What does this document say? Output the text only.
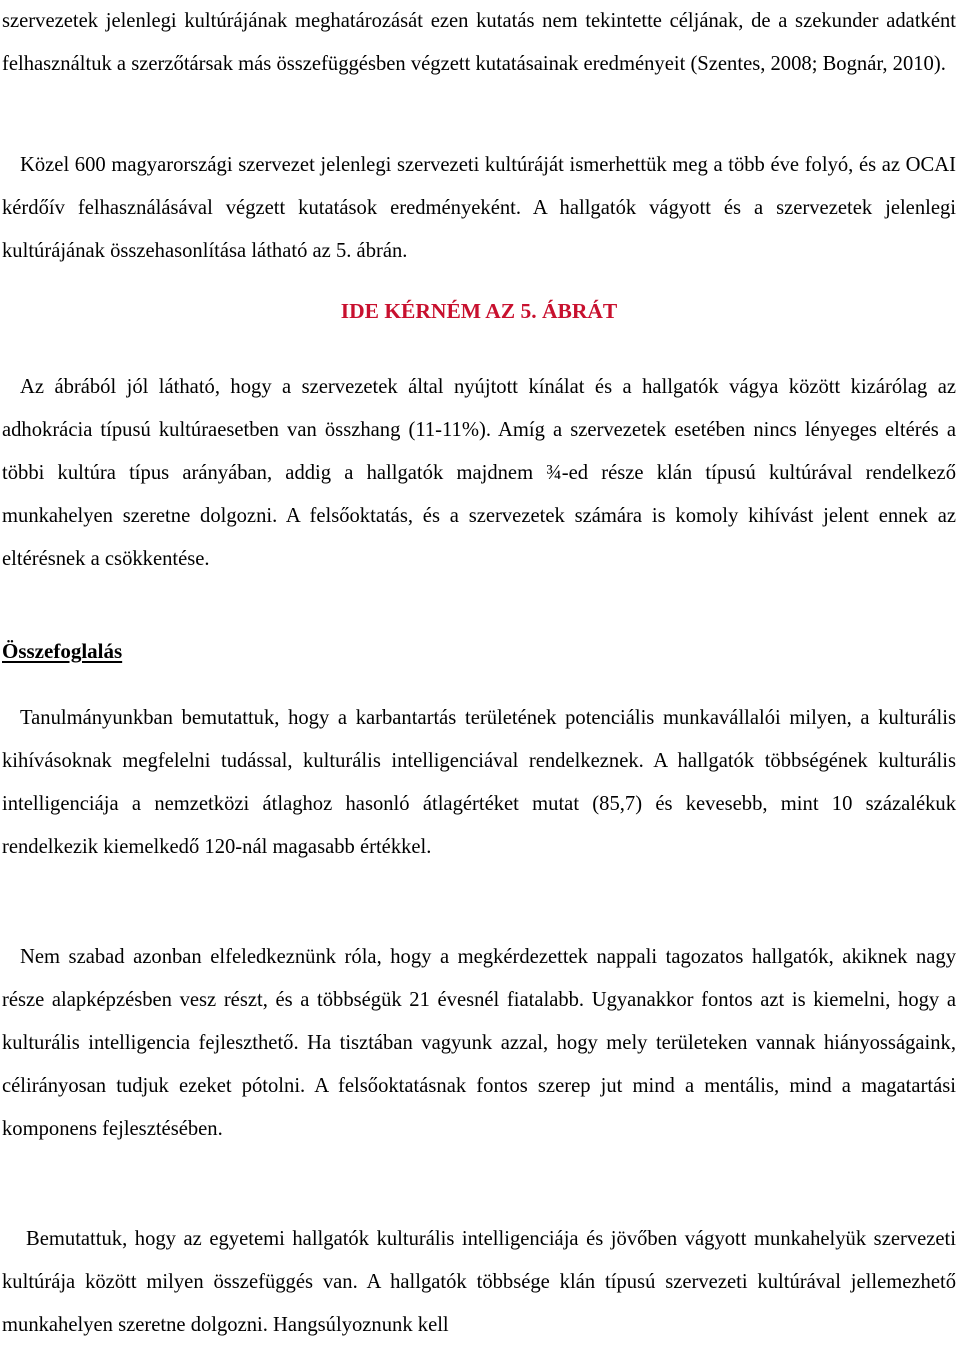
szervezetek jelenlegi kultúrájának meghatározását ezen kutatás nem tekintette céljának, de a szekunder adatként felhasználtuk a szerzőtársak más összefüggésben végzett kutatásainak eredményeit (Szentes, 2008; Bognár, 2010).

Közel 600 magyarországi szervezet jelenlegi szervezeti kultúráját ismerhettük meg a több éve folyó, és az OCAI kérdőív felhasználásával végzett kutatások eredményeként. A hallgatók vágyott és a szervezetek jelenlegi kultúrájának összehasonlítása látható az 5. ábrán.

IDE KÉRNÉM AZ 5. ÁBRÁT

Az ábrából jól látható, hogy a szervezetek által nyújtott kínálat és a hallgatók vágya között kizárólag az adhokrácia típusú kultúraesetben van összhang (11-11%). Amíg a szervezetek esetében nincs lényeges eltérés a többi kultúra típus arányában, addig a hallgatók majdnem ¾-ed része klán típusú kultúrával rendelkező munkahelyen szeretne dolgozni. A felsőoktatás, és a szervezetek számára is komoly kihívást jelent ennek az eltérésnek a csökkentése.

Összefoglalás

Tanulmányunkban bemutattuk, hogy a karbantartás területének potenciális munkavállalói milyen, a kulturális kihívásoknak megfelelni tudással, kulturális intelligenciával rendelkeznek. A hallgatók többségének kulturális intelligenciája a nemzetközi átlaghoz hasonló átlagértéket mutat (85,7) és kevesebb, mint 10 százalékuk rendelkezik kiemelkedő 120-nál magasabb értékkel.

Nem szabad azonban elfeledkeznünk róla, hogy a megkérdezettek nappali tagozatos hallgatók, akiknek nagy része alapképzésben vesz részt, és a többségük 21 évesnél fiatalabb. Ugyanakkor fontos azt is kiemelni, hogy a kulturális intelligencia fejleszthető. Ha tisztában vagyunk azzal, hogy mely területeken vannak hiányosságaink, célirányosan tudjuk ezeket pótolni. A felsőoktatásnak fontos szerep jut mind a mentális, mind a magatartási komponens fejlesztésében.

Bemutattuk, hogy az egyetemi hallgatók kulturális intelligenciája és jövőben vágyott munkahelyük szervezeti kultúrája között milyen összefüggés van. A hallgatók többsége klán típusú szervezeti kultúrával jellemezhető munkahelyen szeretne dolgozni. Hangsúlyoznunk kell
